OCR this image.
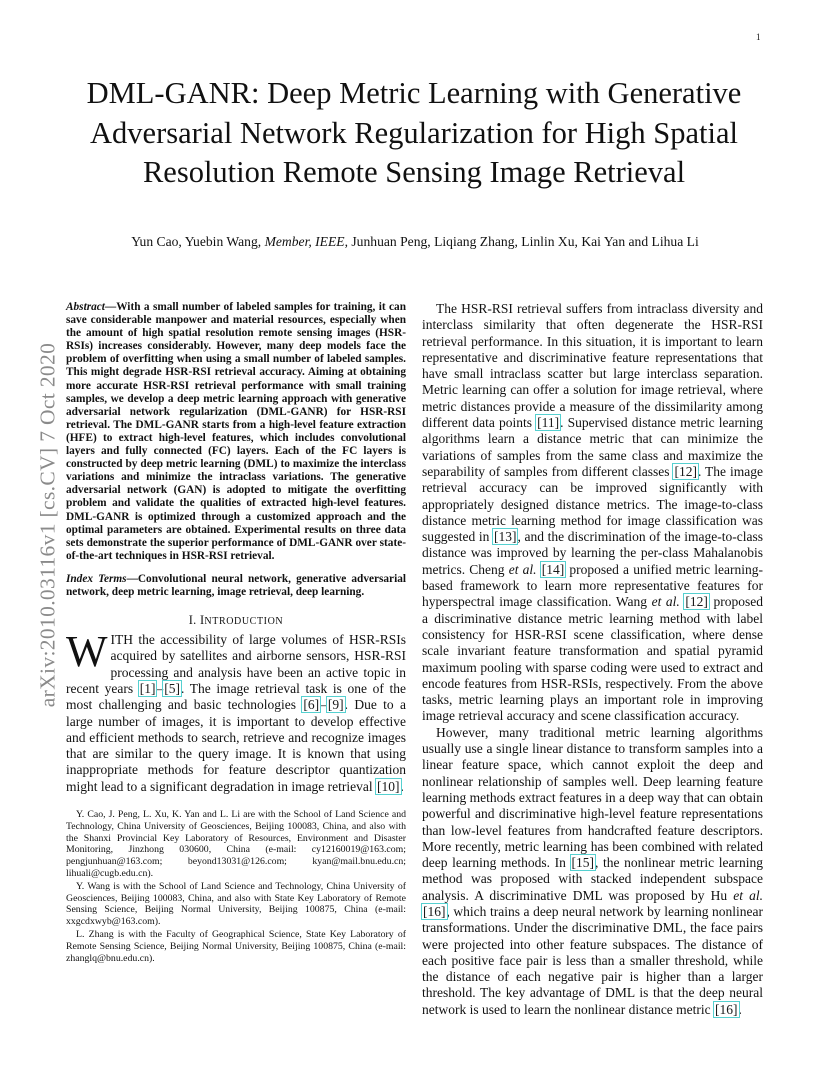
1
arXiv:2010.03116v1 [cs.CV] 7 Oct 2020
DML-GANR: Deep Metric Learning with Generative Adversarial Network Regularization for High Spatial Resolution Remote Sensing Image Retrieval
Yun Cao, Yuebin Wang, Member, IEEE, Junhuan Peng, Liqiang Zhang, Linlin Xu, Kai Yan and Lihua Li

Abstract—With a small number of labeled samples for training, it can save considerable manpower and material resources, especially when the amount of high spatial resolution remote sensing images (HSR-RSIs) increases considerably. However, many deep models face the problem of overfitting when using a small number of labeled samples. This might degrade HSR-RSI retrieval accuracy. Aiming at obtaining more accurate HSR-RSI retrieval performance with small training samples, we develop a deep metric learning approach with generative adversarial network regularization (DML-GANR) for HSR-RSI retrieval. The DML-GANR starts from a high-level feature extraction (HFE) to extract high-level features, which includes convolutional layers and fully connected (FC) layers. Each of the FC layers is constructed by deep metric learning (DML) to maximize the interclass variations and minimize the intraclass variations. The generative adversarial network (GAN) is adopted to mitigate the overfitting problem and validate the qualities of extracted high-level features. DML-GANR is optimized through a customized approach and the optimal parameters are obtained. Experimental results on three data sets demonstrate the superior performance of DML-GANR over state-of-the-art techniques in HSR-RSI retrieval.

Index Terms—Convolutional neural network, generative adversarial network, deep metric learning, image retrieval, deep learning.

I. INTRODUCTION

WITH the accessibility of large volumes of HSR-RSIs acquired by satellites and airborne sensors, HSR-RSI processing and analysis have been an active topic in recent years [1]–[5]. The image retrieval task is one of the most challenging and basic technologies [6]–[9]. Due to a large number of images, it is important to develop effective and efficient methods to search, retrieve and recognize images that are similar to the query image. It is known that using inappropriate methods for feature descriptor quantization might lead to a significant degradation in image retrieval [10].

Y. Cao, J. Peng, L. Xu, K. Yan and L. Li are with the School of Land Science and Technology, China University of Geosciences, Beijing 100083, China, and also with the Shanxi Provincial Key Laboratory of Resources, Environment and Disaster Monitoring, Jinzhong 030600, China (e-mail: cy12160019@163.com; pengjunhuan@163.com; beyond13031@126.com; kyan@mail.bnu.edu.cn; lihuali@cugb.edu.cn).

Y. Wang is with the School of Land Science and Technology, China University of Geosciences, Beijing 100083, China, and also with State Key Laboratory of Remote Sensing Science, Beijing Normal University, Beijing 100875, China (e-mail: xxgcdxwyb@163.com).

L. Zhang is with the Faculty of Geographical Science, State Key Laboratory of Remote Sensing Science, Beijing Normal University, Beijing 100875, China (e-mail: zhanglq@bnu.edu.cn).

The HSR-RSI retrieval suffers from intraclass diversity and interclass similarity that often degenerate the HSR-RSI retrieval performance. In this situation, it is important to learn representative and discriminative feature representations that have small intraclass scatter but large interclass separation. Metric learning can offer a solution for image retrieval, where metric distances provide a measure of the dissimilarity among different data points [11]. Supervised distance metric learning algorithms learn a distance metric that can minimize the variations of samples from the same class and maximize the separability of samples from different classes [12]. The image retrieval accuracy can be improved significantly with appropriately designed distance metrics. The image-to-class distance metric learning method for image classification was suggested in [13], and the discrimination of the image-to-class distance was improved by learning the per-class Mahalanobis metrics. Cheng et al. [14] proposed a unified metric learning-based framework to learn more representative features for hyperspectral image classification. Wang et al. [12] proposed a discriminative distance metric learning method with label consistency for HSR-RSI scene classification, where dense scale invariant feature transformation and spatial pyramid maximum pooling with sparse coding were used to extract and encode features from HSR-RSIs, respectively. From the above tasks, metric learning plays an important role in improving image retrieval accuracy and scene classification accuracy.

However, many traditional metric learning algorithms usually use a single linear distance to transform samples into a linear feature space, which cannot exploit the deep and nonlinear relationship of samples well. Deep learning feature learning methods extract features in a deep way that can obtain powerful and discriminative high-level feature representations than low-level features from handcrafted feature descriptors. More recently, metric learning has been combined with related deep learning methods. In [15], the nonlinear metric learning method was proposed with stacked independent subspace analysis. A discriminative DML was proposed by Hu et al. [16], which trains a deep neural network by learning nonlinear transformations. Under the discriminative DML, the face pairs were projected into other feature subspaces. The distance of each positive face pair is less than a smaller threshold, while the distance of each negative pair is higher than a larger threshold. The key advantage of DML is that the deep neural network is used to learn the nonlinear distance metric [16].
